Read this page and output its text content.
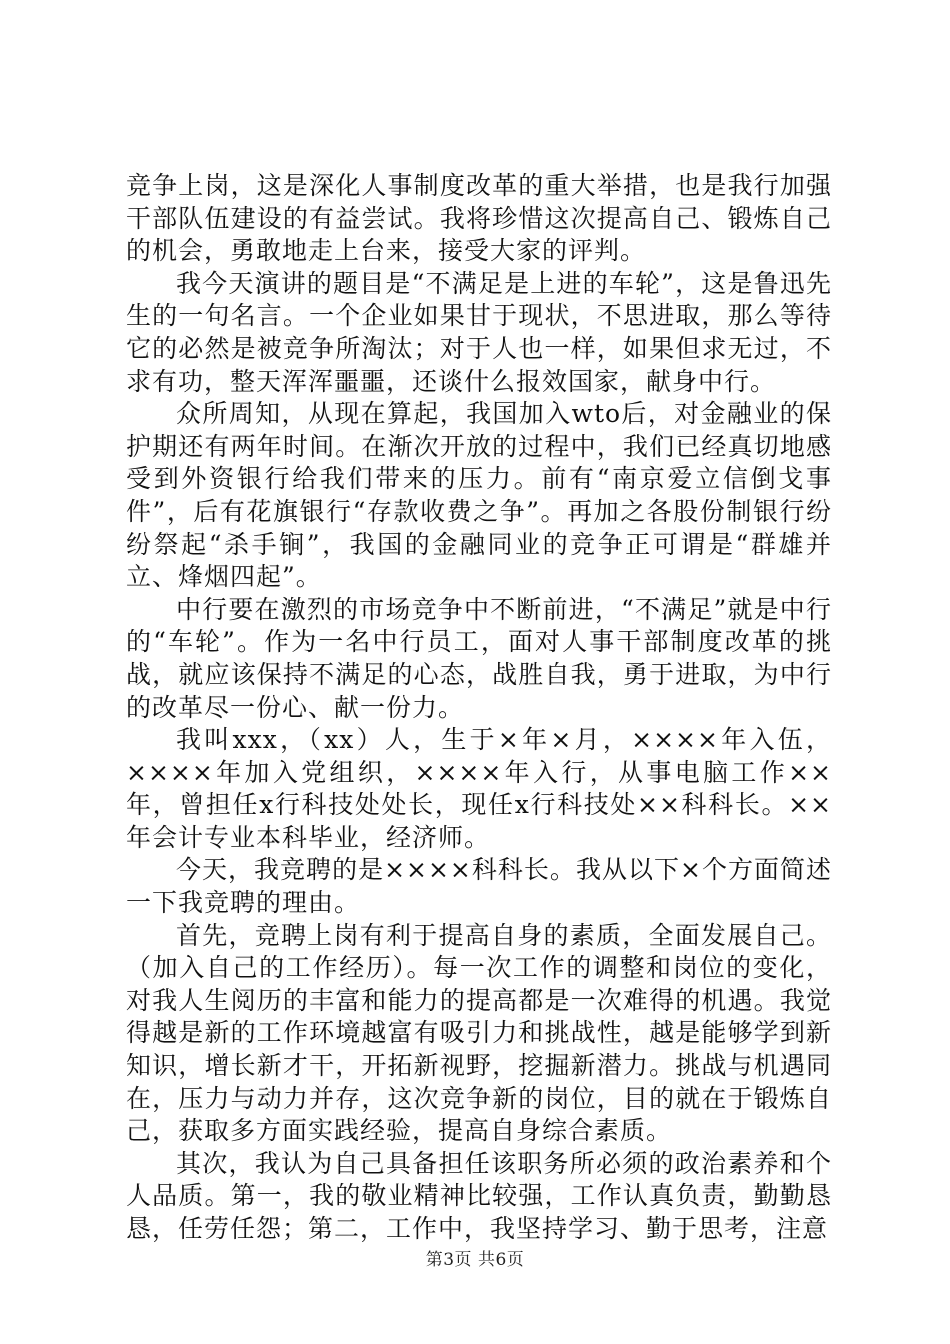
竞争上岗，这是深化人事制度改革的重大举措，也是我行加强干部队伍建设的有益尝试。我将珍惜这次提高自己、锻炼自己的机会，勇敢地走上台来，接受大家的评判。

我今天演讲的题目是“不满足是上进的车轮”，这是鲁迅先生的一句名言。一个企业如果甘于现状，不思进取，那么等待它的必然是被竞争所淘汰；对于人也一样，如果但求无过，不求有功，整天浑浑噩噩，还谈什么报效国家，献身中行。

众所周知，从现在算起，我国加入wto后，对金融业的保护期还有两年时间。在渐次开放的过程中，我们已经真切地感受到外资银行给我们带来的压力。前有“南京爱立信倒戈事件”，后有花旗银行“存款收费之争”。再加之各股份制银行纷纷祭起“杀手锏”，我国的金融同业的竞争正可谓是“群雄并立、烽烟四起”。

中行要在激烈的市场竞争中不断前进，“不满足”就是中行的“车轮”。作为一名中行员工，面对人事干部制度改革的挑战，就应该保持不满足的心态，战胜自我，勇于进取，为中行的改革尽一份心、献一份力。

我叫xxx，（xx）人，生于×年×月，××××年入伍，××××年加入党组织，××××年入行，从事电脑工作××年，曾担任x行科技处处长，现任x行科技处××科科长。××年会计专业本科毕业，经济师。

今天，我竞聘的是××××科科长。我从以下×个方面简述一下我竞聘的理由。

首先，竞聘上岗有利于提高自身的素质，全面发展自己。（加入自己的工作经历）。每一次工作的调整和岗位的变化，对我人生阅历的丰富和能力的提高都是一次难得的机遇。我觉得越是新的工作环境越富有吸引力和挑战性，越是能够学到新知识，增长新才干，开拓新视野，挖掘新潜力。挑战与机遇同在，压力与动力并存，这次竞争新的岗位，目的就在于锻炼自己，获取多方面实践经验，提高自身综合素质。

其次，我认为自己具备担任该职务所必须的政治素养和个人品质。第一，我的敬业精神比较强，工作认真负责，勤勤恳恳，任劳任怨；第二，工作中，我坚持学习、勤于思考，注意

第3页 共6页
